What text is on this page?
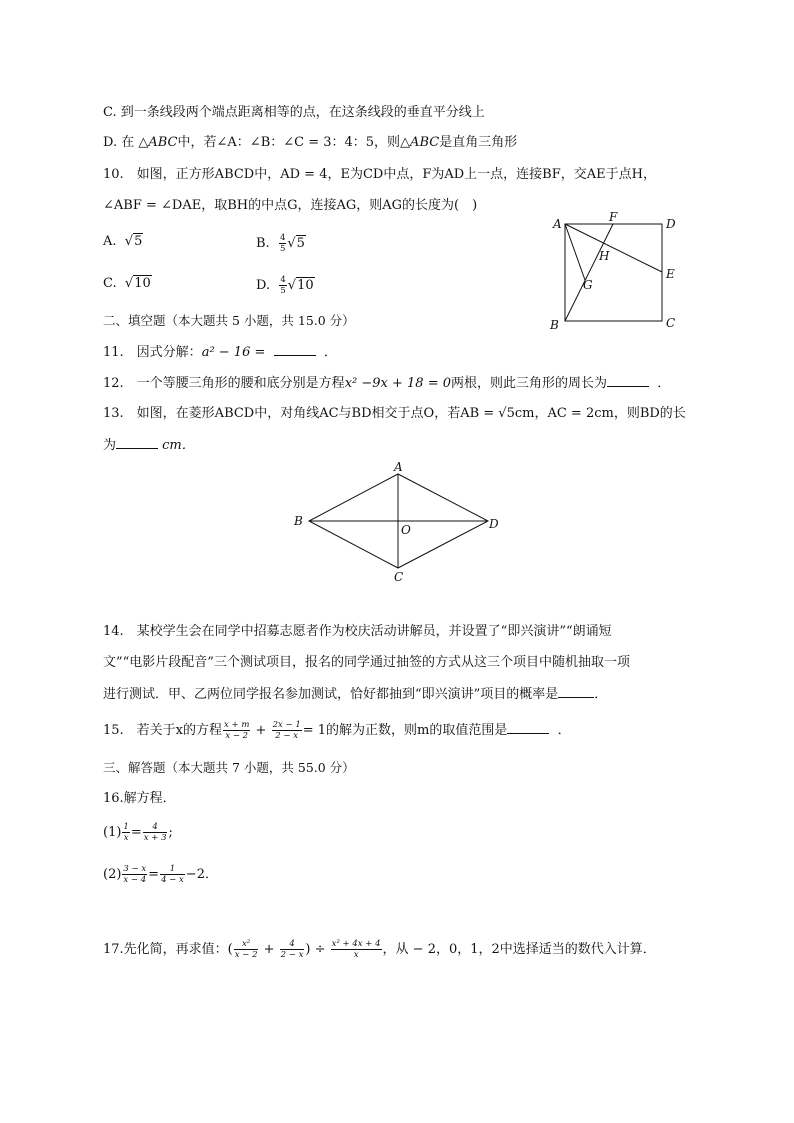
C. 到一条线段两个端点距离相等的点，在这条线段的垂直平分线上
D. 在 △ABC中，若∠A：∠B：∠C = 3：4：5，则△ABC是直角三角形
10.　如图，正方形ABCD中，AD = 4，E为CD中点，F为AD上一点，连接BF，交AE于点H，
∠ABF = ∠DAE，取BH的中点G，连接AG，则AG的长度为(　)
A.  √5	B. $\frac{4}{5} √5$
C.  √10	D. $\frac{4}{5} √10$
A	F	D
H
E
G
B	C
二、填空题（本大题共 5 小题，共 15.0 分）
11.　因式分解：a² − 16 =	．
12.　一个等腰三角形的腰和底分别是方程x² −9x + 18 = 0两根，则此三角形的周长为	．
13.　如图，在菱形ABCD中，对角线AC与BD相交于点O，若AB = √5cm，AC = 2cm，则BD的长
为	cm．
A
B	D
O
C
14.　某校学生会在同学中招募志愿者作为校庆活动讲解员，并设置了“即兴演讲”“朗诵短
文”“电影片段配音”三个测试项目，报名的同学通过抽签的方式从这三个项目中随机抽取一项
进行测试．甲、乙两位同学报名参加测试，恰好都抽到“即兴演讲”项目的概率是	．
15.　若关于x的方程 $\frac{x + m}{x - 2} + \frac{2x - 1}{2 - x} = 1$的解为正数，则m的取值范围是	．
三、解答题（本大题共 7 小题，共 55.0 分）
16.解方程．
$(1) \frac{1}{x} = \frac{4}{x + 3}$ ;
$(2) \frac{3 - x}{x - 4} = \frac{1}{4 - x} -2$．
17.先化简，再求值：( $\frac{\text{x²}}{x - 2} + \frac{4}{2 - x}$ ) ÷ $\frac{\text{x² + 4x + 4}}{x}$ ，从 − 2，0，1，2中选择适当的数代入计算．
